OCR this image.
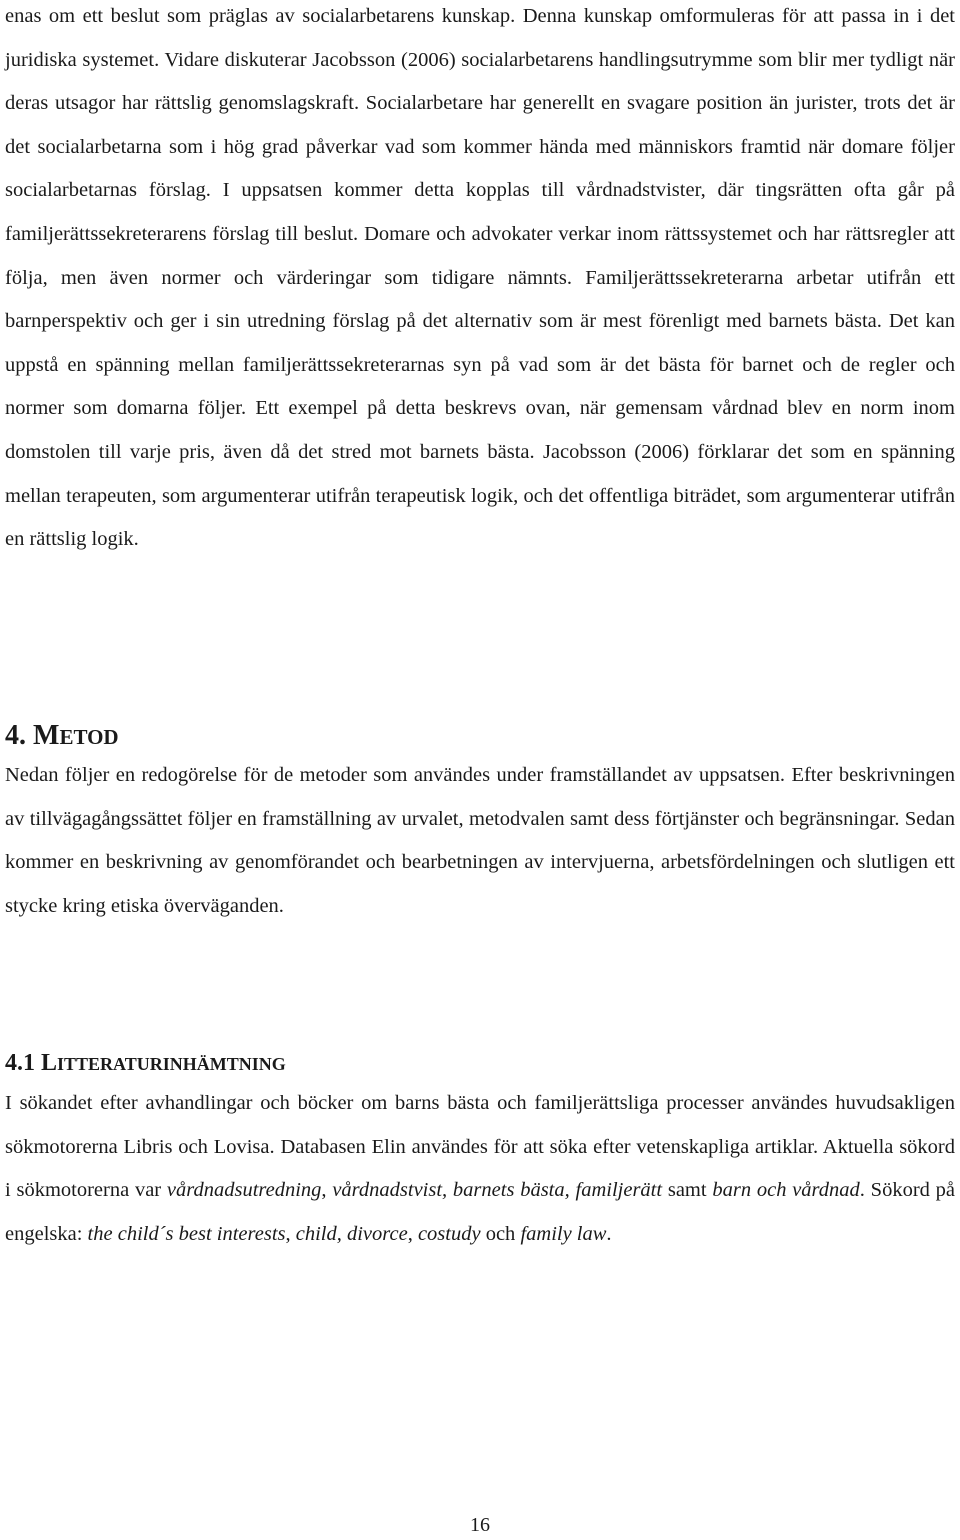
enas om ett beslut som präglas av socialarbetarens kunskap. Denna kunskap omformuleras för att passa in i det juridiska systemet. Vidare diskuterar Jacobsson (2006) socialarbetarens handlingsutrymme som blir mer tydligt när deras utsagor har rättslig genomslagskraft. Socialarbetare har generellt en svagare position än jurister, trots det är det socialarbetarna som i hög grad påverkar vad som kommer hända med människors framtid när domare följer socialarbetarnas förslag. I uppsatsen kommer detta kopplas till vårdnadstvister, där tingsrätten ofta går på familjerättssekreterarens förslag till beslut. Domare och advokater verkar inom rättssystemet och har rättsregler att följa, men även normer och värderingar som tidigare nämnts. Familjerättssekreterarna arbetar utifrån ett barnperspektiv och ger i sin utredning förslag på det alternativ som är mest förenligt med barnets bästa. Det kan uppstå en spänning mellan familjerättssekreterarnas syn på vad som är det bästa för barnet och de regler och normer som domarna följer. Ett exempel på detta beskrevs ovan, när gemensam vårdnad blev en norm inom domstolen till varje pris, även då det stred mot barnets bästa. Jacobsson (2006) förklarar det som en spänning mellan terapeuten, som argumenterar utifrån terapeutisk logik, och det offentliga biträdet, som argumenterar utifrån en rättslig logik.

4. METOD

Nedan följer en redogörelse för de metoder som användes under framställandet av uppsatsen. Efter beskrivningen av tillvägagångssättet följer en framställning av urvalet, metodvalen samt dess förtjänster och begränsningar. Sedan kommer en beskrivning av genomförandet och bearbetningen av intervjuerna, arbetsfördelningen och slutligen ett stycke kring etiska överväganden.

4.1 LITTERATURINHÄMTNING

I sökandet efter avhandlingar och böcker om barns bästa och familjerättsliga processer användes huvudsakligen sökmotorerna Libris och Lovisa. Databasen Elin användes för att söka efter vetenskapliga artiklar. Aktuella sökord i sökmotorerna var vårdnadsutredning, vårdnadstvist, barnets bästa, familjerätt samt barn och vårdnad. Sökord på engelska: the child´s best interests, child, divorce, costudy och family law.

16
